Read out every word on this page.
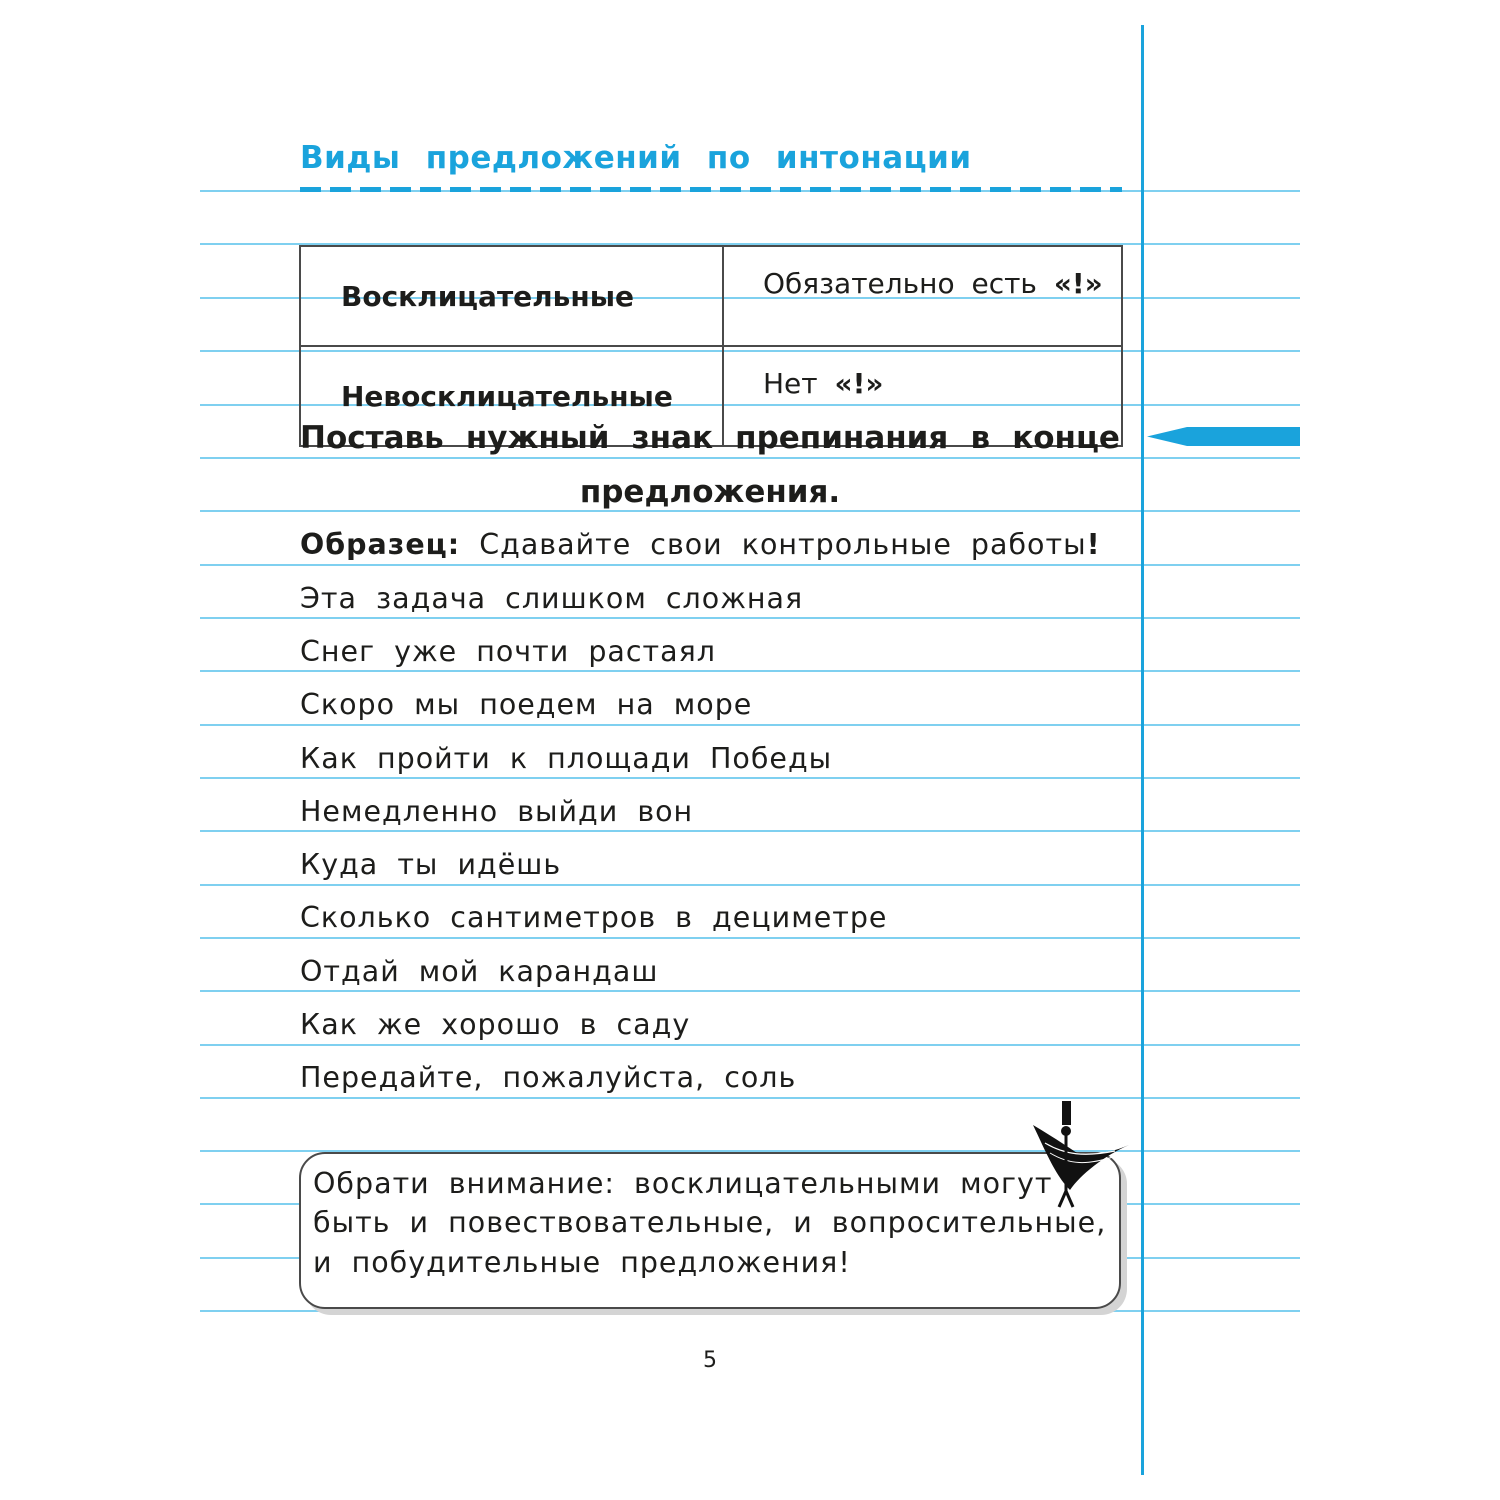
Виды предложений по интонации
Восклицательные	Обязательно есть «!»
Невосклицательные	Нет «!»
Поставь нужный знак препинания в конце
предложения.
Образец: Сдавайте свои контрольные работы!
Эта задача слишком сложная
Снег уже почти растаял
Скоро мы поедем на море
Как пройти к площади Победы
Немедленно выйди вон
Куда ты идёшь
Сколько сантиметров в дециметре
Отдай мой карандаш
Как же хорошо в саду
Передайте, пожалуйста, соль
Обрати внимание: восклицательными могут
быть и повествовательные, и вопросительные,
и побудительные предложения!
5
